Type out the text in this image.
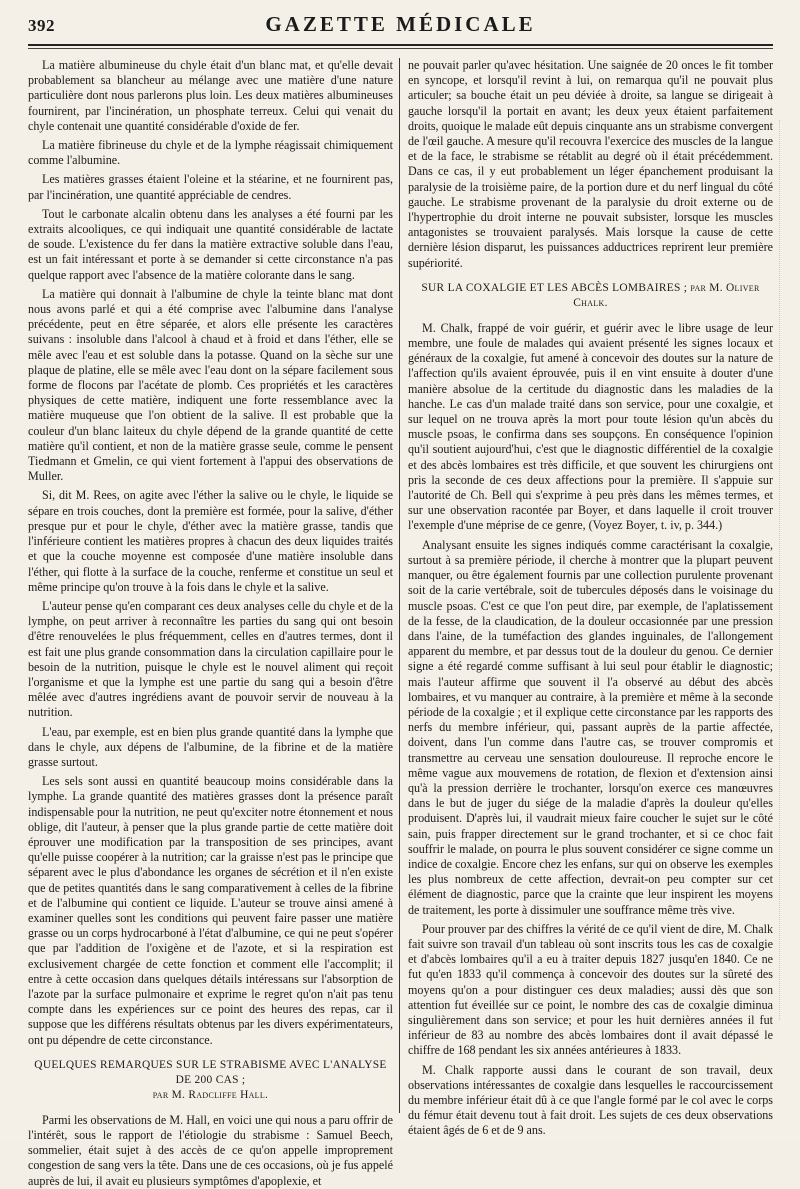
392	GAZETTE MÉDICALE

La matière albumineuse du chyle était d'un blanc mat, et qu'elle devait probablement sa blancheur au mélange avec une matière d'une nature particulière dont nous parlerons plus loin. Les deux matières albumineuses fournirent, par l'incinération, un phosphate terreux. Celui qui venait du chyle contenait une quantité considérable d'oxide de fer.

La matière fibrineuse du chyle et de la lymphe réagissait chimiquement comme l'albumine.

Les matières grasses étaient l'oleine et la stéarine, et ne fournirent pas, par l'incinération, une quantité appréciable de cendres.

Tout le carbonate alcalin obtenu dans les analyses a été fourni par les extraits alcooliques, ce qui indiquait une quantité considérable de lactate de soude. L'existence du fer dans la matière extractive soluble dans l'eau, est un fait intéressant et porte à se demander si cette circonstance n'a pas quelque rapport avec l'absence de la matière colorante dans le sang.

La matière qui donnait à l'albumine de chyle la teinte blanc mat dont nous avons parlé et qui a été comprise avec l'albumine dans l'analyse précédente, peut en être séparée, et alors elle présente les caractères suivans : insoluble dans l'alcool à chaud et à froid et dans l'éther, elle se mêle avec l'eau et est soluble dans la potasse. Quand on la sèche sur une plaque de platine, elle se mêle avec l'eau dont on la sépare facilement sous forme de flocons par l'acétate de plomb. Ces propriétés et les caractères physiques de cette matière, indiquent une forte ressemblance avec la matière muqueuse que l'on obtient de la salive. Il est probable que la couleur d'un blanc laiteux du chyle dépend de la grande quantité de cette matière qu'il contient, et non de la matière grasse seule, comme le pensent Tiedmann et Gmelin, ce qui vient fortement à l'appui des observations de Muller.

Si, dit M. Rees, on agite avec l'éther la salive ou le chyle, le liquide se sépare en trois couches, dont la première est formée, pour la salive, d'éther presque pur et pour le chyle, d'éther avec la matière grasse, tandis que l'inférieure contient les matières propres à chacun des deux liquides traités et que la couche moyenne est composée d'une matière insoluble dans l'éther, qui flotte à la surface de la couche, renferme et constitue un seul et même principe qu'on trouve à la fois dans le chyle et la salive.

L'auteur pense qu'en comparant ces deux analyses celle du chyle et de la lymphe, on peut arriver à reconnaître les parties du sang qui ont besoin d'être renouvelées le plus fréquemment, celles en d'autres termes, dont il est fait une plus grande consommation dans la circulation capillaire pour le besoin de la nutrition, puisque le chyle est le nouvel aliment qui reçoit l'organisme et que la lymphe est une partie du sang qui a besoin d'être mêlée avec d'autres ingrédiens avant de pouvoir servir de nouveau à la nutrition.

L'eau, par exemple, est en bien plus grande quantité dans la lymphe que dans le chyle, aux dépens de l'albumine, de la fibrine et de la matière grasse surtout.

Les sels sont aussi en quantité beaucoup moins considérable dans la lymphe. La grande quantité des matières grasses dont la présence paraît indispensable pour la nutrition, ne peut qu'exciter notre étonnement et nous oblige, dit l'auteur, à penser que la plus grande partie de cette matière doit éprouver une modification par la transposition de ses principes, avant qu'elle puisse coopérer à la nutrition; car la graisse n'est pas le principe que séparent avec le plus d'abondance les organes de sécrétion et il n'en existe que de petites quantités dans le sang comparativement à celles de la fibrine et de l'albumine qui contient ce liquide. L'auteur se trouve ainsi amené à examiner quelles sont les conditions qui peuvent faire passer une matière grasse ou un corps hydrocarboné à l'état d'albumine, ce qui ne peut s'opérer que par l'addition de l'oxigène et de l'azote, et si la respiration est exclusivement chargée de cette fonction et comment elle l'accomplit; il entre à cette occasion dans quelques détails intéressans sur l'absorption de l'azote par la surface pulmonaire et exprime le regret qu'on n'ait pas tenu compte dans les expériences sur ce point des heures des repas, car il suppose que les différens résultats obtenus par les divers expérimentateurs, ont pu dépendre de cette circonstance.

QUELQUES REMARQUES SUR LE STRABISME AVEC L'ANALYSE DE 200 CAS ;
par M. Radcliffe Hall.

Parmi les observations de M. Hall, en voici une qui nous a paru offrir de l'intérêt, sous le rapport de l'étiologie du strabisme : Samuel Beech, sommelier, était sujet à des accès de ce qu'on appelle improprement congestion de sang vers la tête. Dans une de ces occasions, où je fus appelé auprès de lui, il avait eu plusieurs symptômes d'apoplexie, et

ne pouvait parler qu'avec hésitation. Une saignée de 20 onces le fit tomber en syncope, et lorsqu'il revint à lui, on remarqua qu'il ne pouvait plus articuler; sa bouche était un peu déviée à droite, sa langue se dirigeait à gauche lorsqu'il la portait en avant; les deux yeux étaient parfaitement droits, quoique le malade eût depuis cinquante ans un strabisme convergent de l'œil gauche. A mesure qu'il recouvra l'exercice des muscles de la langue et de la face, le strabisme se rétablit au degré où il était précédemment. Dans ce cas, il y eut probablement un léger épanchement produisant la paralysie de la troisième paire, de la portion dure et du nerf lingual du côté gauche. Le strabisme provenant de la paralysie du droit externe ou de l'hypertrophie du droit interne ne pouvait subsister, lorsque les muscles antagonistes se trouvaient paralysés. Mais lorsque la cause de cette dernière lésion disparut, les puissances adductrices reprirent leur première supériorité.

SUR LA COXALGIE ET LES ABCÈS LOMBAIRES ; par M. Oliver Chalk.

M. Chalk, frappé de voir guérir, et guérir avec le libre usage de leur membre, une foule de malades qui avaient présenté les signes locaux et généraux de la coxalgie, fut amené à concevoir des doutes sur la nature de l'affection qu'ils avaient éprouvée, puis il en vint ensuite à douter d'une manière absolue de la certitude du diagnostic dans les maladies de la hanche. Le cas d'un malade traité dans son service, pour une coxalgie, et sur lequel on ne trouva après la mort pour toute lésion qu'un abcès du muscle psoas, le confirma dans ses soupçons. En conséquence l'opinion qu'il soutient aujourd'hui, c'est que le diagnostic différentiel de la coxalgie et des abcès lombaires est très difficile, et que souvent les chirurgiens ont pris la seconde de ces deux affections pour la première. Il s'appuie sur l'autorité de Ch. Bell qui s'exprime à peu près dans les mêmes termes, et sur une observation racontée par Boyer, et dans laquelle il croit trouver l'exemple d'une méprise de ce genre, (Voyez Boyer, t. iv, p. 344.)

Analysant ensuite les signes indiqués comme caractérisant la coxalgie, surtout à sa première période, il cherche à montrer que la plupart peuvent manquer, ou être également fournis par une collection purulente provenant soit de la carie vertébrale, soit de tubercules déposés dans le voisinage du muscle psoas. C'est ce que l'on peut dire, par exemple, de l'aplatissement de la fesse, de la claudication, de la douleur occasionnée par une pression dans l'aine, de la tuméfaction des glandes inguinales, de l'allongement apparent du membre, et par dessus tout de la douleur du genou. Ce dernier signe a été regardé comme suffisant à lui seul pour établir le diagnostic; mais l'auteur affirme que souvent il l'a observé au début des abcès lombaires, et vu manquer au contraire, à la première et même à la seconde période de la coxalgie ; et il explique cette circonstance par les rapports des nerfs du membre inférieur, qui, passant auprès de la partie affectée, doivent, dans l'un comme dans l'autre cas, se trouver compromis et transmettre au cerveau une sensation douloureuse. Il reproche encore le même vague aux mouvemens de rotation, de flexion et d'extension ainsi qu'à la pression derrière le trochanter, lorsqu'on exerce ces manœuvres dans le but de juger du siége de la maladie d'après la douleur qu'elles produisent. D'après lui, il vaudrait mieux faire coucher le sujet sur le côté sain, puis frapper directement sur le grand trochanter, et si ce choc fait souffrir le malade, on pourra le plus souvent considérer ce signe comme un indice de coxalgie. Encore chez les enfans, sur qui on observe les exemples les plus nombreux de cette affection, devrait-on peu compter sur cet élément de diagnostic, parce que la crainte que leur inspirent les moyens de traitement, les porte à dissimuler une souffrance même très vive.

Pour prouver par des chiffres la vérité de ce qu'il vient de dire, M. Chalk fait suivre son travail d'un tableau où sont inscrits tous les cas de coxalgie et d'abcès lombaires qu'il a eu à traiter depuis 1827 jusqu'en 1840. Ce ne fut qu'en 1833 qu'il commença à concevoir des doutes sur la sûreté des moyens qu'on a pour distinguer ces deux maladies; aussi dès que son attention fut éveillée sur ce point, le nombre des cas de coxalgie diminua singulièrement dans son service; et pour les huit dernières années il fut inférieur de 83 au nombre des abcès lombaires dont il avait dépassé le chiffre de 168 pendant les six années antérieures à 1833.

M. Chalk rapporte aussi dans le courant de son travail, deux observations intéressantes de coxalgie dans lesquelles le raccourcissement du membre inférieur était dû à ce que l'angle formé par le col avec le corps du fémur était devenu tout à fait droit. Les sujets de ces deux observations étaient âgés de 6 et de 9 ans.
